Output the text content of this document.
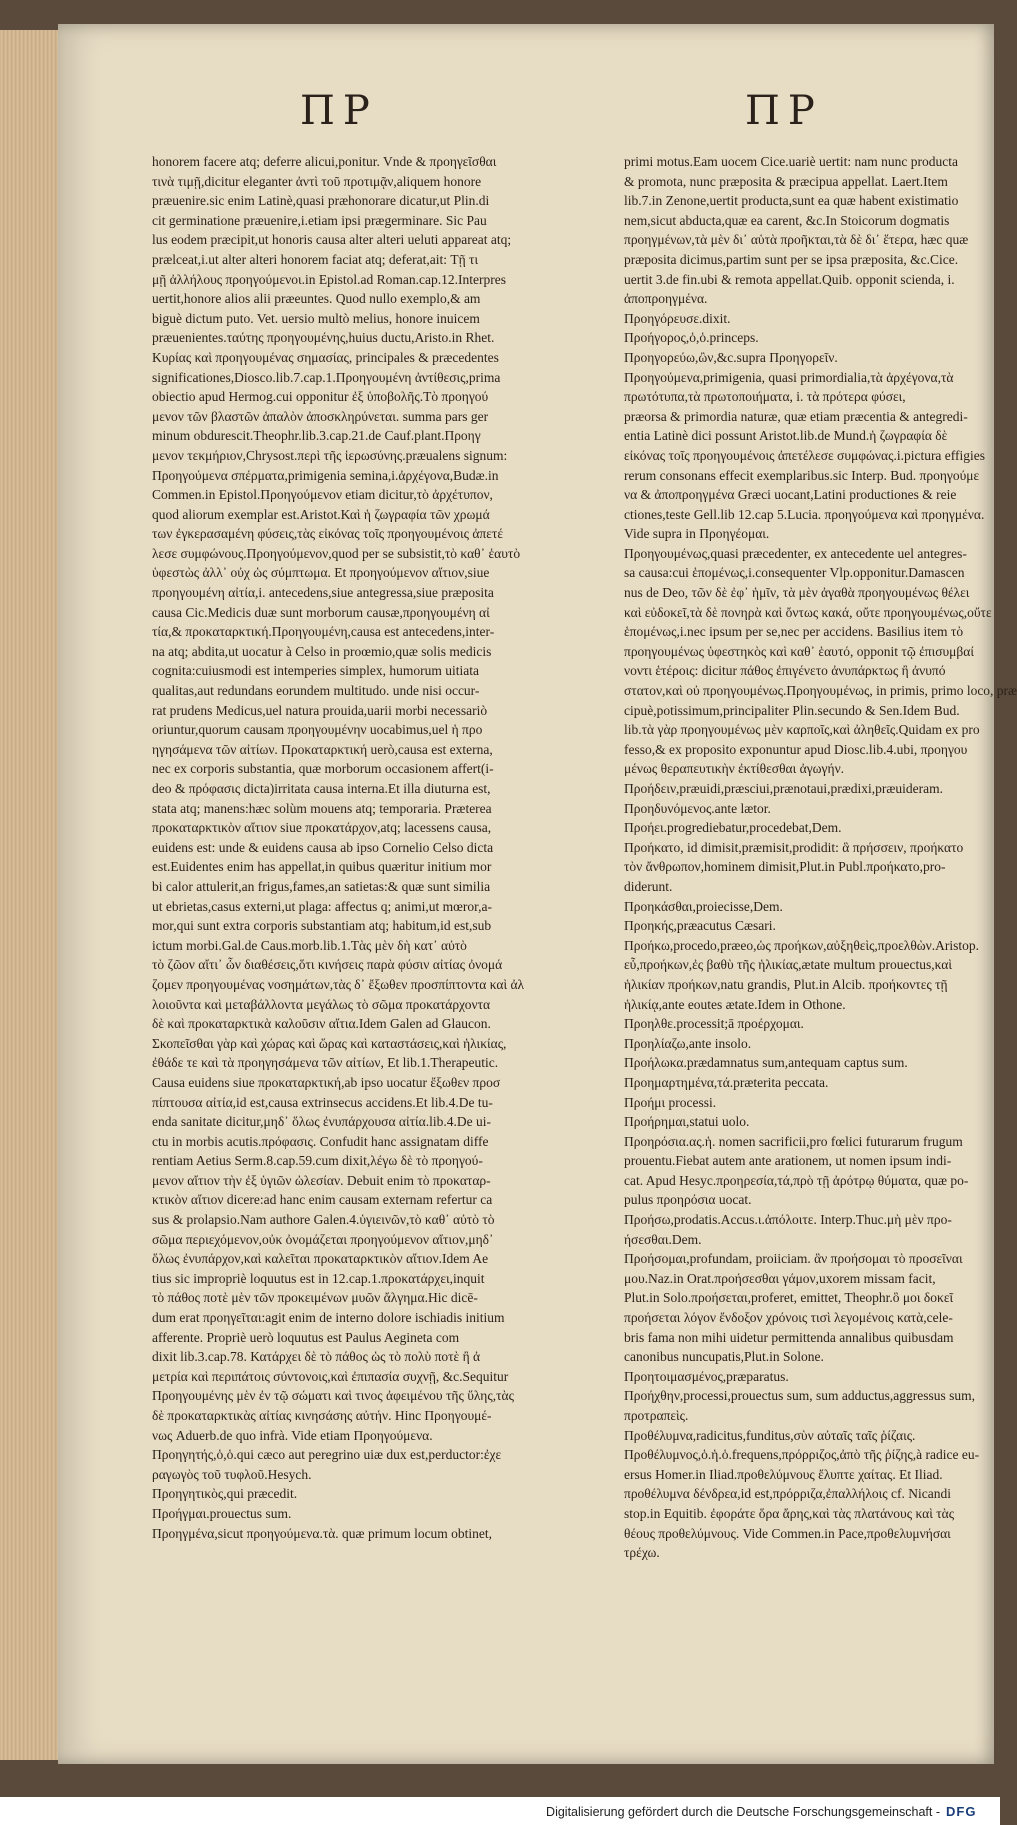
ΠΡ	ΠΡ
honorem facere atq; deferre alicui,ponitur. Vnde & προηγεῖσθαι
τινὰ τιμῇ,dicitur eleganter ἀντὶ τοῦ προτιμᾷν,aliquem honore
præuenire.sic enim Latinè,quasi præhonorare dicatur,ut Plin.di
cit germinatione præuenire,i.etiam ipsi prægerminare. Sic Pau
lus eodem præcipit,ut honoris causa alter alteri ueluti appareat atq;
prælceat,i.ut alter alteri honorem faciat atq; deferat,ait: Τῇ τι
μῇ ἀλλήλους προηγούμενοι.in Epistol.ad Roman.cap.12.Interpres
uertit,honore alios alii præeuntes. Quod nullo exemplo,& am
biguè dictum puto. Vet. uersio multò melius, honore inuicem
præuenientes.ταύτης προηγουμένης,huius ductu,Aristo.in Rhet.
Κυρίας καὶ προηγουμένας σημασίας, principales & præcedentes
significationes,Diosco.lib.7.cap.1.Προηγουμένη ἀντίθεσις,prima
obiectio apud Hermog.cui opponitur ἐξ ὑποβολῆς.Τὸ προηγού
μενον τῶν βλαστῶν ἁπαλὸν ἀποσκληρύνεται. summa pars ger
minum obdurescit.Theophr.lib.3.cap.21.de Cauf.plant.Προηγ
μενον τεκμήριον,Chrysost.περὶ τῆς ἱερωσύνης.præualens signum:
Προηγούμενα σπέρματα,primigenia semina,i.ἀρχέγονα,Budæ.in
Commen.in Epistol.Προηγούμενον etiam dicitur,τὸ ἀρχέτυπον,
quod aliorum exemplar est.Aristot.Καὶ ἡ ζωγραφία τῶν χρωμά
των ἐγκερασαμένη φύσεις,τὰς εἰκόνας τοῖς προηγουμένοις ἀπετέ
λεσε συμφώνους.Προηγούμενον,quod per se subsistit,τὸ καθ᾽ ἑαυτὸ
ὑφεστὼς ἀλλ᾽ οὐχ ὡς σύμπτωμα. Et προηγούμενον αἴτιον,siue
προηγουμένη αἰτία,i. antecedens,siue antegressa,siue præposita
causa Cic.Medicis duæ sunt morborum causæ,προηγουμένη αἰ
τία,& προκαταρκτική.Προηγουμένη,causa est antecedens,inter-
na atq; abdita,ut uocatur à Celso in proœmio,quæ solis medicis
cognita:cuiusmodi est intemperies simplex, humorum uitiata
qualitas,aut redundans eorundem multitudo. unde nisi occur-
rat prudens Medicus,uel natura prouida,uarii morbi necessariò
oriuntur,quorum causam προηγουμένην uocabimus,uel ἡ προ
ηγησάμενα τῶν αἰτίων. Προκαταρκτική uerò,causa est externa,
nec ex corporis substantia, quæ morborum occasionem affert(i-
deo & πρόφασις dicta)irritata causa interna.Et illa diuturna est,
stata atq; manens:hæc solùm mouens atq; temporaria. Præterea
προκαταρκτικὸν αἴτιον siue προκατάρχον,atq; lacessens causa,
euidens est: unde & euidens causa ab ipso Cornelio Celso dicta
est.Euidentes enim has appellat,in quibus quæritur initium mor
bi calor attulerit,an frigus,fames,an satietas:& quæ sunt similia
ut ebrietas,casus externi,ut plaga: affectus q; animi,ut mœror,a-
mor,qui sunt extra corporis substantiam atq; habitum,id est,sub
ictum morbi.Gal.de Caus.morb.lib.1.Τὰς μὲν δὴ κατ᾽ αὐτὸ
τὸ ζῶον αἴτι᾽ ὧν διαθέσεις,ὅτι κινήσεις παρὰ φύσιν αἰτίας ὀνομά
ζομεν προηγουμένας νοσημάτων,τὰς δ᾽ ἔξωθεν προσπίπτοντα καὶ ἀλ
λοιοῦντα καὶ μεταβάλλοντα μεγάλως τὸ σῶμα προκατάρχοντα
δὲ καὶ προκαταρκτικὰ καλοῦσιν αἴτια.Idem Galen ad Glaucon.
Σκοπεῖσθαι γὰρ καὶ χώρας καὶ ὥρας καὶ καταστάσεις,καὶ ἡλικίας,
ἐθάδε τε καὶ τὰ προηγησάμενα τῶν αἰτίων, Et lib.1.Therapeutic.
Causa euidens siue προκαταρκτική,ab ipso uocatur ἔξωθεν προσ
πίπτουσα αἰτία,id est,causa extrinsecus accidens.Et lib.4.De tu-
enda sanitate dicitur,μηδ᾽ ὅλως ἐνυπάρχουσα αἰτία.lib.4.De ui-
ctu in morbis acutis.πρόφασις. Confudit hanc assignatam diffe
rentiam Aetius Serm.8.cap.59.cum dixit,λέγω δὲ τὸ προηγού-
μενον αἴτιον τὴν ἐξ ὑγιῶν ὠλεσίαν. Debuit enim τὸ προκαταρ-
κτικὸν αἴτιον dicere:ad hanc enim causam externam refertur ca
sus & prolapsio.Nam authore Galen.4.ὑγιεινῶν,τὸ καθ᾽ αὐτὸ τὸ
σῶμα περιεχόμενον,οὐκ ὀνομάζεται προηγούμενον αἴτιον,μηδ᾽
ὅλως ἐνυπάρχον,καὶ καλεῖται προκαταρκτικὸν αἴτιον.Idem Ae
tius sic impropriè loquutus est in 12.cap.1.προκατάρχει,inquit
τὸ πάθος ποτὲ μὲν τῶν προκειμένων μυῶν ἄλγημα.Hic dicē-
dum erat προηγεῖται:agit enim de interno dolore ischiadis initium
afferente. Propriè uerò loquutus est Paulus Aegineta com
dixit lib.3.cap.78. Κατάρχει δὲ τὸ πάθος ὡς τὸ πολὺ ποτὲ ἢ ἀ
μετρία καὶ περιπάτοις σύντονοις,καὶ ἐπιπασία συχνῇ, &c.Sequitur
Προηγουμένης μὲν ἐν τῷ σώματι καὶ τινος ἀφειμένου τῆς ὕλης,τὰς
δὲ προκαταρκτικὰς αἰτίας κινησάσης αὐτήν. Hinc Προηγουμέ-
νως Aduerb.de quo infrà. Vide etiam Προηγούμενα.
Προηγητής,ὁ,ὁ.qui cæco aut peregrino uiæ dux est,perductor:ἐχε
ραγωγὸς τοῦ τυφλοῦ.Hesych.
Προηγητικὸς,qui præcedit.
Προήγμαι.prouectus sum.
Προηγμένα,sicut προηγούμενα.τὰ. quæ primum locum obtinet,
primi motus.Eam uocem Cice.uariè uertit: nam nunc producta
& promota, nunc præposita & præcipua appellat. Laert.Item
lib.7.in Zenone,uertit producta,sunt ea quæ habent existimatio
nem,sicut abducta,quæ ea carent, &c.In Stoicorum dogmatis
προηγμένων,τὰ μὲν δι᾽ αὑτὰ προῆκται,τὰ δὲ δι᾽ ἕτερα, hæc quæ
præposita dicimus,partim sunt per se ipsa præposita, &c.Cice.
uertit 3.de fin.ubi & remota appellat.Quib. opponit scienda, i.
ἀποπροηγμένα.
Προηγόρευσε.dixit.
Προήγορος,ὁ,ὁ.princeps.
Προηγορεύω,ὢν,&c.supra Προηγορεῖν.
Προηγούμενα,primigenia, quasi primordialia,τὰ ἀρχέγονα,τὰ
πρωτότυπα,τὰ πρωτοποιήματα, i. τὰ πρότερα φύσει,
præorsa & primordia naturæ, quæ etiam præcentia & antegredi-
entia Latinè dici possunt Aristot.lib.de Mund.ἡ ζωγραφία δὲ
εἰκόνας τοῖς προηγουμένοις ἀπετέλεσε συμφώνας.i.pictura effigies
rerum consonans effecit exemplaribus.sic Interp. Bud. προηγούμε
να & ἀποπροηγμένα Græci uocant,Latini productiones & reie
ctiones,teste Gell.lib 12.cap 5.Lucia. προηγούμενα καὶ προηγμένα.
Vide supra in Προηγέομαι.
Προηγουμένως,quasi præcedenter, ex antecedente uel antegres-
sa causa:cui ἑπομένως,i.consequenter Vlp.opponitur.Damascen
nus de Deo, τῶν δὲ ἐφ᾽ ἡμῖν, τὰ μὲν ἀγαθὰ προηγουμένως θέλει
καὶ εὐδοκεῖ,τὰ δὲ πονηρὰ καὶ ὄντως κακά, οὔτε προηγουμένως,οὔτε
ἑπομένως,i.nec ipsum per se,nec per accidens. Basilius item τὸ
προηγουμένως ὑφεστηκὸς καὶ καθ᾽ ἑαυτό, opponit τῷ ἐπισυμβαί
νοντι ἑτέροις: dicitur πάθος ἐπιγένετο ἀνυπάρκτως ἢ ἀνυπό
στατον,καὶ οὐ προηγουμένως.Προηγουμένως, in primis, primo loco, præ
cipuè,potissimum,principaliter Plin.secundo & Sen.Idem Bud.
lib.τὰ γὰρ προηγουμένως μὲν καρποῖς,καὶ ἀληθεῖς.Quidam ex pro
fesso,& ex proposito exponuntur apud Diosc.lib.4.ubi, προηγου
μένως θεραπευτικὴν ἐκτίθεσθαι ἀγωγήν.
Προήδειν,præuidi,præsciui,prænotaui,prædixi,præuideram.
Προηδυνόμενος.ante lætor.
Προήει.progrediebatur,procedebat,Dem.
Προήκατο, id dimisit,præmisit,prodidit: ἃ πρήσσειν, προήκατο
τὸν ἄνθρωπον,hominem dimisit,Plut.in Publ.προήκατο,pro-
diderunt.
Προηκάσθαι,proiecisse,Dem.
Προηκής,præacutus Cæsari.
Προήκω,procedo,præeo,ὡς προήκων,αὐξηθεὶς,προελθὼν.Aristop.
εὖ,προήκων,ἐς βαθὺ τῆς ἡλικίας,ætate multum prouectus,καὶ
ἡλικίαν προήκων,natu grandis, Plut.in Alcib. προήκοντες τῇ
ἡλικίᾳ,ante eoutes ætate.Idem in Othone.
Προηλθε.processit;ā προέρχομαι.
Προηλίαζω,ante insolo.
Προήλωκα.prædamnatus sum,antequam captus sum.
Προημαρτημένα,τά.præterita peccata.
Προήμι processi.
Προήρημαι,statui uolo.
Προηρόσια.ας.ἡ. nomen sacrificii,pro fœlici futurarum frugum
prouentu.Fiebat autem ante arationem, ut nomen ipsum indi-
cat. Apud Hesyc.προηρεσία,τά,πρὸ τῇ ἀρότρῳ θύματα, quæ po-
pulus προηρόσια uocat.
Προήσω,prodatis.Accus.ι.ἀπόλοιτε. Interp.Thuc.μὴ μὲν προ-
ήσεσθαι.Dem.
Προήσομαι,profundam, proiiciam. ἃν προήσομαι τὸ προσεῖναι
μου.Naz.in Orat.προήσεσθαι γάμον,uxorem missam facit,
Plut.in Solo.προήσεται,proferet, emittet, Theophr.ὃ μοι δοκεῖ
προήσεται λόγον ἔνδοξον χρόνοις τισὶ λεγομένοις κατὰ,cele-
bris fama non mihi uidetur permittenda annalibus quibusdam
canonibus nuncupatis,Plut.in Solone.
Προητοιμασμένος,præparatus.
Προήχθην,processi,prouectus sum, sum adductus,aggressus sum,
προτραπεὶς.
Προθέλυμνα,radicitus,funditus,σὺν αὐταῖς ταῖς ῥίζαις.
Προθέλυμνος,ὁ.ἡ.ὁ.frequens,πρόρριζος,ἀπὸ τῆς ῥίζης,à radice eu-
ersus Homer.in Iliad.προθελύμνους ἔλυπτε χαίτας. Et Iliad.
προθέλυμνα δένδρεα,id est,πρόρριζα,ἐπαλλήλοις cf. Nicandi
stop.in Equitib. ἐφοράτε ὅρα ἄρης,καὶ τὰς πλατάνους καὶ τὰς
θέους προθελύμνους. Vide Commen.in Pace,προθελυμνήσαι
τρέχω.
Digitalisierung gefördert durch die Deutsche Forschungsgemeinschaft - DFG
